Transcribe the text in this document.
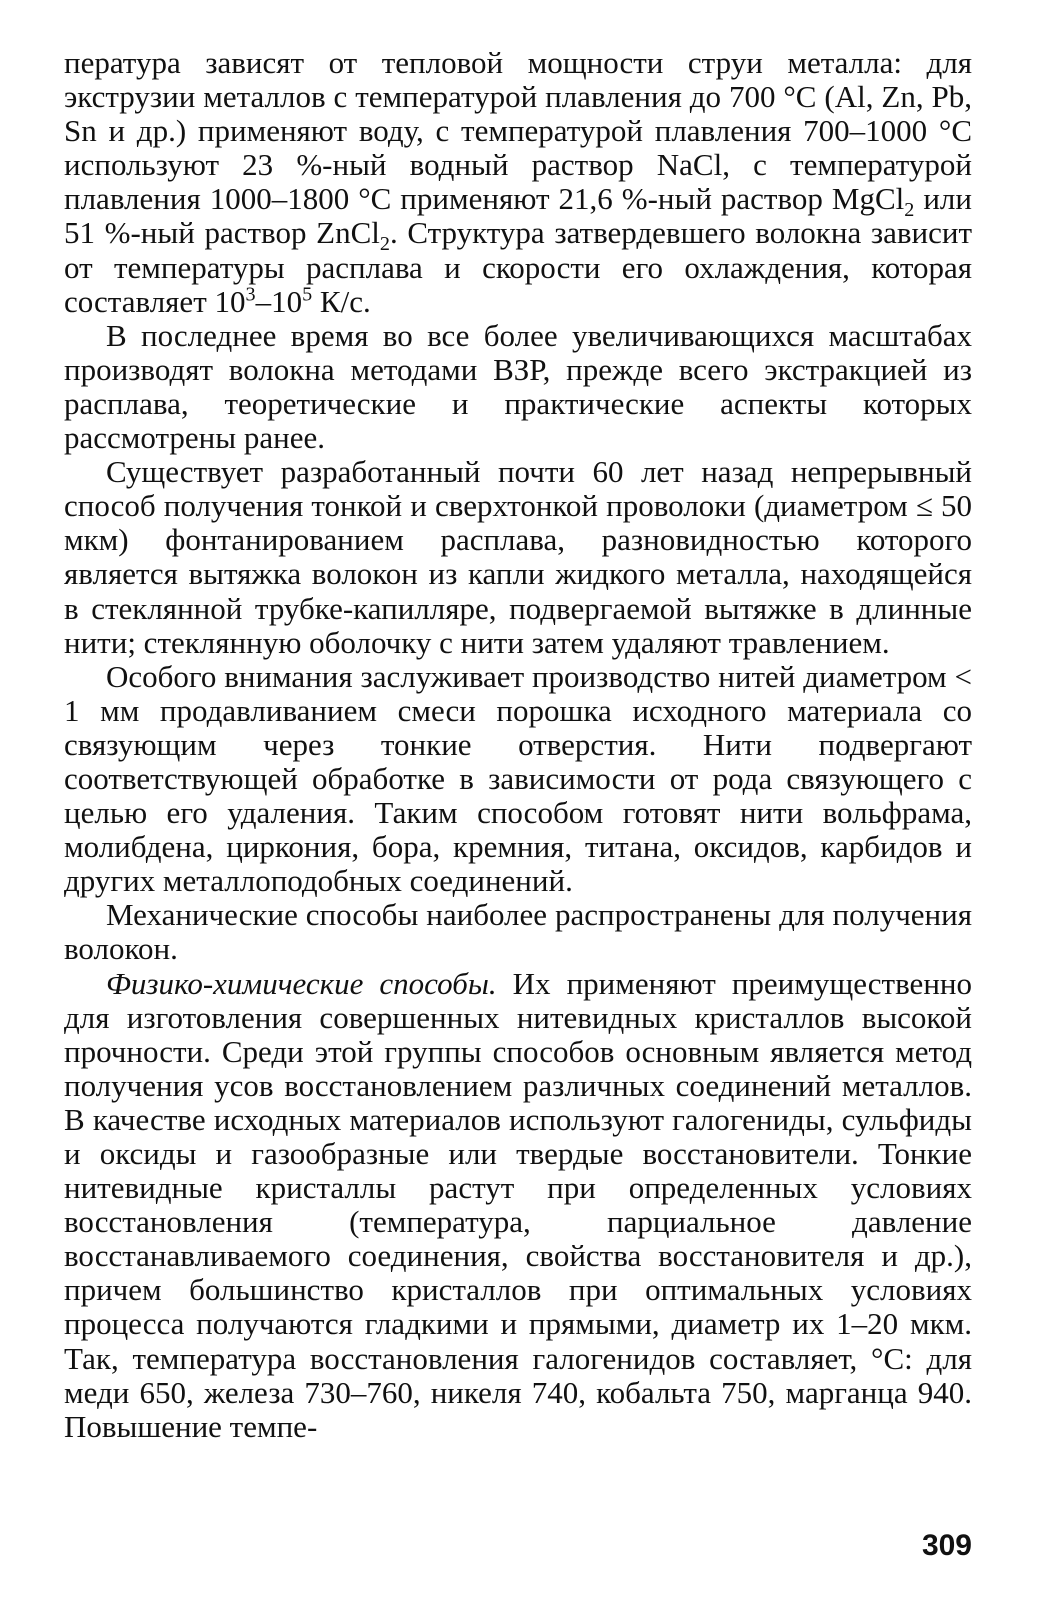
пература зависят от тепловой мощности струи металла: для экструзии металлов с температурой плавления до 700 °С (Al, Zn, Pb, Sn и др.) применяют воду, с температурой плавления 700–1000 °С используют 23 %-ный водный раствор NaCl, с температурой плавления 1000–1800 °С применяют 21,6 %-ный раствор MgCl$_2$ или 51 %-ный раствор ZnCl$_2$. Структура затвердевшего волокна зависит от температуры расплава и скорости его охлаждения, которая составляет $10^3-10^5$ К/с.

В последнее время во все более увеличивающихся масштабах производят волокна методами ВЗР, прежде всего экстракцией из расплава, теоретические и практические аспекты которых рассмотрены ранее.

Существует разработанный почти 60 лет назад непрерывный способ получения тонкой и сверхтонкой проволоки (диаметром ≤ 50 мкм) фонтанированием расплава, разновидностью которого является вытяжка волокон из капли жидкого металла, находящейся в стеклянной трубке-капилляре, подвергаемой вытяжке в длинные нити; стеклянную оболочку с нити затем удаляют травлением.

Особого внимания заслуживает производство нитей диаметром < 1 мм продавливанием смеси порошка исходного материала со связующим через тонкие отверстия. Нити подвергают соответствующей обработке в зависимости от рода связующего с целью его удаления. Таким способом готовят нити вольфрама, молибдена, циркония, бора, кремния, титана, оксидов, карбидов и других металлоподобных соединений.

Механические способы наиболее распространены для получения волокон.

Физико-химические способы. Их применяют преимущественно для изготовления совершенных нитевидных кристаллов высокой прочности. Среди этой группы способов основным является метод получения усов восстановлением различных соединений металлов. В качестве исходных материалов используют галогениды, сульфиды и оксиды и газообразные или твердые восстановители. Тонкие нитевидные кристаллы растут при определенных условиях восстановления (температура, парциальное давление восстанавливаемого соединения, свойства восстановителя и др.), причем большинство кристаллов при оптимальных условиях процесса получаются гладкими и прямыми, диаметр их 1–20 мкм. Так, температура восстановления галогенидов составляет, °С: для меди 650, железа 730–760, никеля 740, кобальта 750, марганца 940. Повышение темпе-

309
